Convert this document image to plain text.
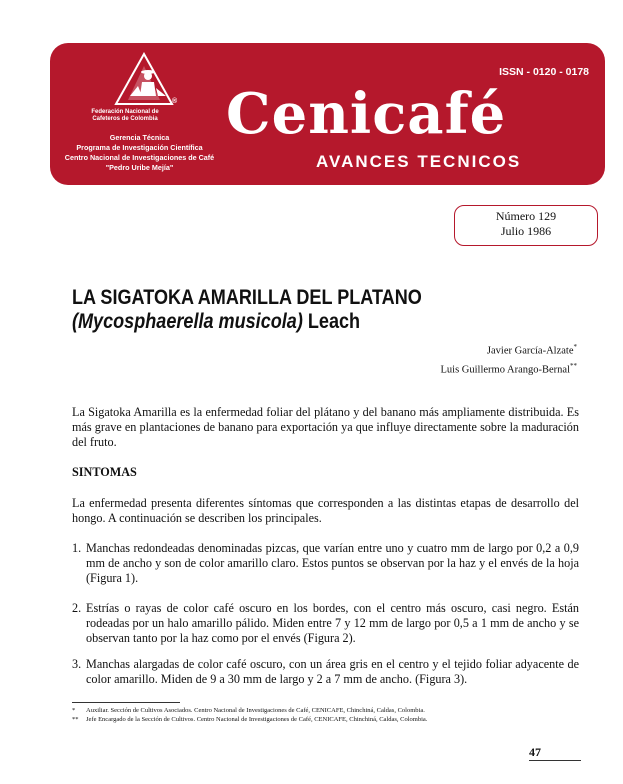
®
Federación Nacional de Cafeteros de Colombia
Gerencia Técnica
Programa de Investigación Científica
Centro Nacional de Investigaciones de Café
"Pedro Uribe Mejía"
ISSN - 0120 - 0178
Cenicafé
AVANCES TECNICOS
Número 129
Julio 1986
LA SIGATOKA AMARILLA DEL PLATANO
(Mycosphaerella musicola) Leach
Javier García-Alzate*
Luis Guillermo Arango-Bernal**
La Sigatoka Amarilla es la enfermedad foliar del plátano y del banano más ampliamente distribuida. Es más grave en plantaciones de banano para exportación ya que influye directamente sobre la maduración del fruto.
SINTOMAS
La enfermedad presenta diferentes síntomas que corresponden a las distintas etapas de desarrollo del hongo. A continuación se describen los principales.
1. Manchas redondeadas denominadas pizcas, que varían entre uno y cuatro mm de largo por 0,2 a 0,9 mm de ancho y son de color amarillo claro. Estos puntos se observan por la haz y el envés de la hoja (Figura 1).
2. Estrías o rayas de color café oscuro en los bordes, con el centro más oscuro, casi negro. Están rodeadas por un halo amarillo pálido. Miden entre 7 y 12 mm de largo por 0,5 a 1 mm de ancho y se observan tanto por la haz como por el envés (Figura 2).
3. Manchas alargadas de color café oscuro, con un área gris en el centro y el tejido foliar adyacente de color amarillo. Miden de 9 a 30 mm de largo y 2 a 7 mm de ancho. (Figura 3).
* Auxiliar. Sección de Cultivos Asociados. Centro Nacional de Investigaciones de Café, CENICAFE, Chinchiná, Caldas, Colombia.
** Jefe Encargado de la Sección de Cultivos. Centro Nacional de Investigaciones de Café, CENICAFE, Chinchiná, Caldas, Colombia.
47
